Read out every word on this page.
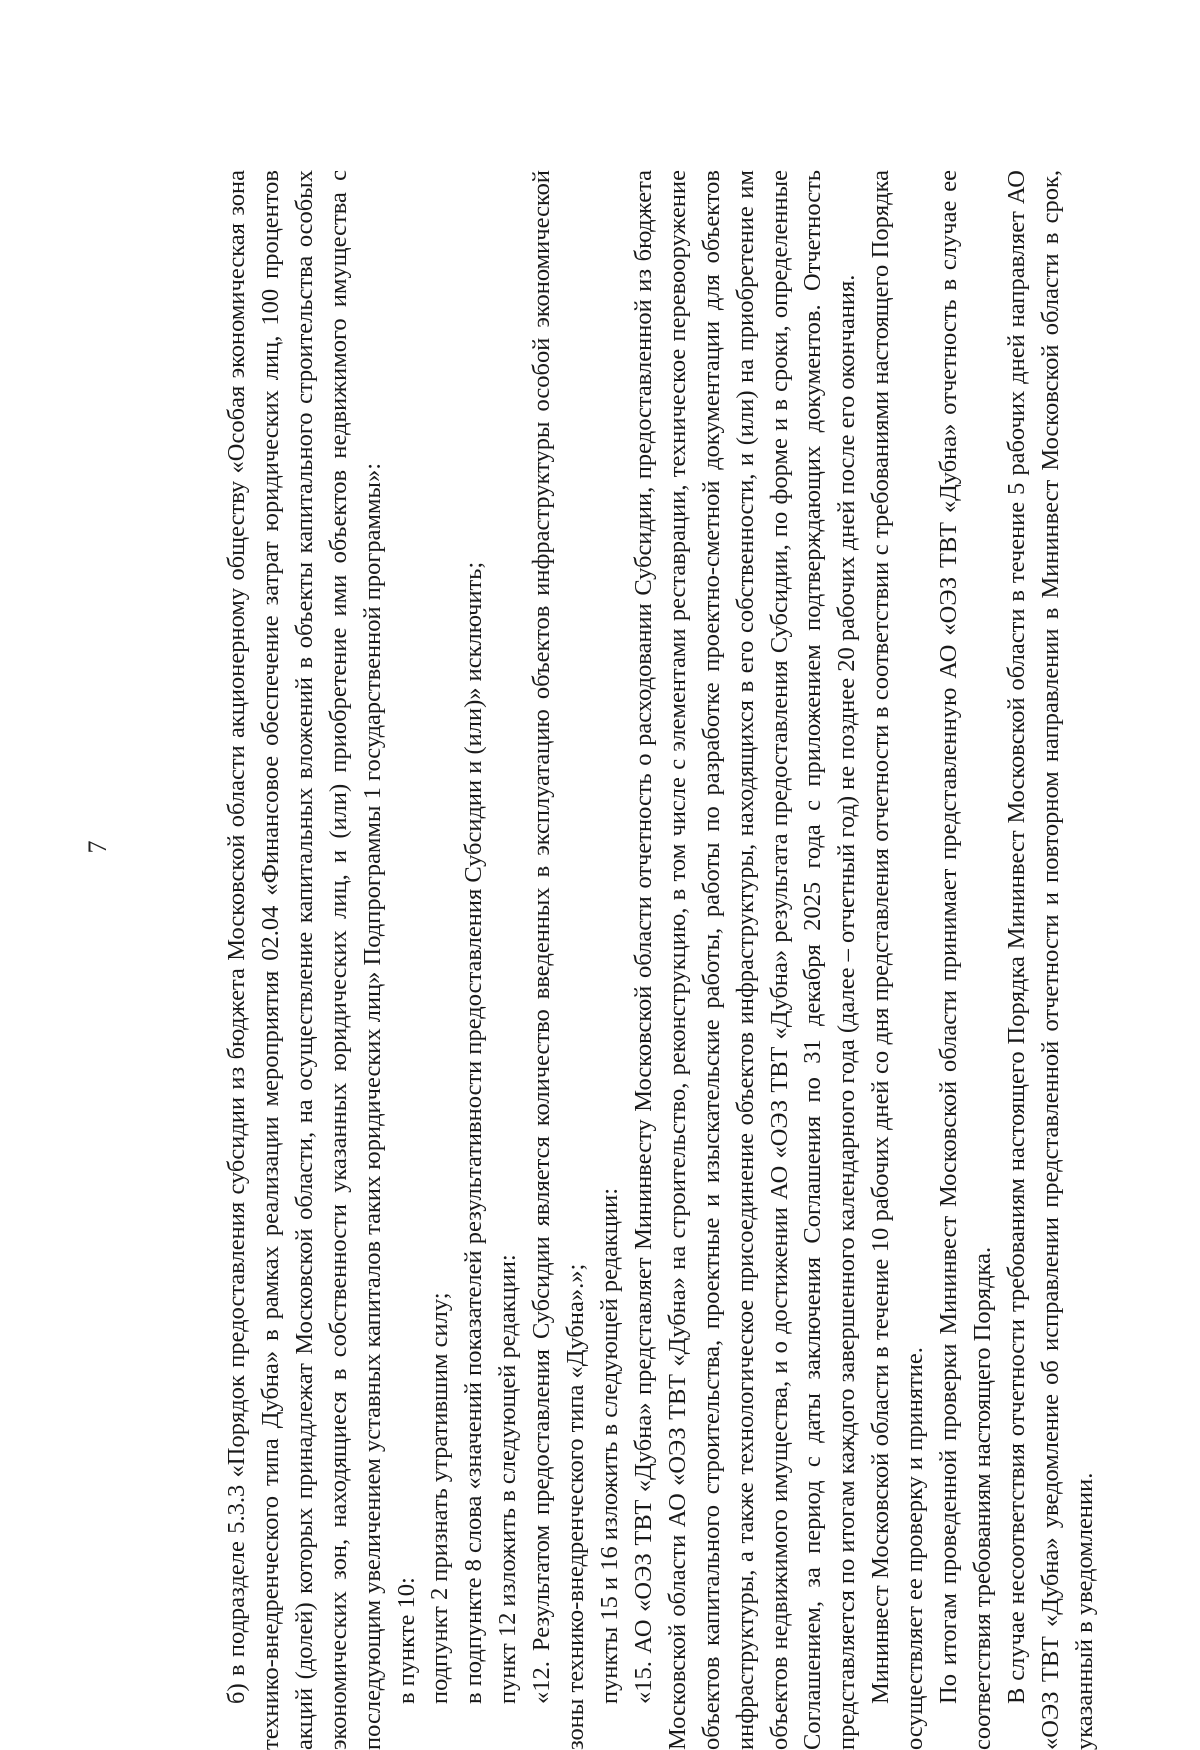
7	б) в подразделе 5.3.3 «Порядок предоставления субсидии из бюджета Московской области акционерному обществу «Особая экономическая зона технико-внедренческого типа Дубна» в рамках реализации мероприятия 02.04 «Финансовое обеспечение затрат юридических лиц, 100 процентов акций (долей) которых принадлежат Московской области, на осуществление капитальных вложений в объекты капитального строительства особых экономических зон, находящиеся в собственности указанных юридических лиц, и (или) приобретение ими объектов недвижимого имущества с последующим увеличением уставных капиталов таких юридических лиц» Подпрограммы 1 государственной программы»: в пункте 10: подпункт 2 признать утратившим силу; в подпункте 8 слова «значений показателей результативности предоставления Субсидии и (или)» исключить; пункт 12 изложить в следующей редакции: «12. Результатом предоставления Субсидии является количество введенных в эксплуатацию объектов инфраструктуры особой экономической зоны технико-внедренческого типа «Дубна».»; пункты 15 и 16 изложить в следующей редакции: «15. АО «ОЭЗ ТВТ «Дубна» представляет Мининвесту Московской области отчетность о расходовании Субсидии, предоставленной из бюджета Московской области АО «ОЭЗ ТВТ «Дубна» на строительство, реконструкцию, в том числе с элементами реставрации, техническое перевооружение объектов капитального строительства, проектные и изыскательские работы, работы по разработке проектно-сметной документации для объектов инфраструктуры, а также технологическое присоединение объектов инфраструктуры, находящихся в его собственности, и (или) на приобретение им объектов недвижимого имущества, и о достижении АО «ОЭЗ ТВТ «Дубна» результата предоставления Субсидии, по форме и в сроки, определенные Соглашением, за период с даты заключения Соглашения по 31 декабря 2025 года с приложением подтверждающих документов. Отчетность представляется по итогам каждого завершенного календарного года (далее – отчетный год) не позднее 20 рабочих дней после его окончания. Мининвест Московской области в течение 10 рабочих дней со дня представления отчетности в соответствии с требованиями настоящего Порядка осуществляет ее проверку и принятие. По итогам проведенной проверки Мининвест Московской области принимает представленную АО «ОЭЗ ТВТ «Дубна» отчетность в случае ее соответствия требованиям настоящего Порядка. В случае несоответствия отчетности требованиям настоящего Порядка Мининвест Московской области в течение 5 рабочих дней направляет АО «ОЭЗ ТВТ «Дубна» уведомление об исправлении представленной отчетности и повторном направлении в Мининвест Московской области в срок, указанный в уведомлении.
